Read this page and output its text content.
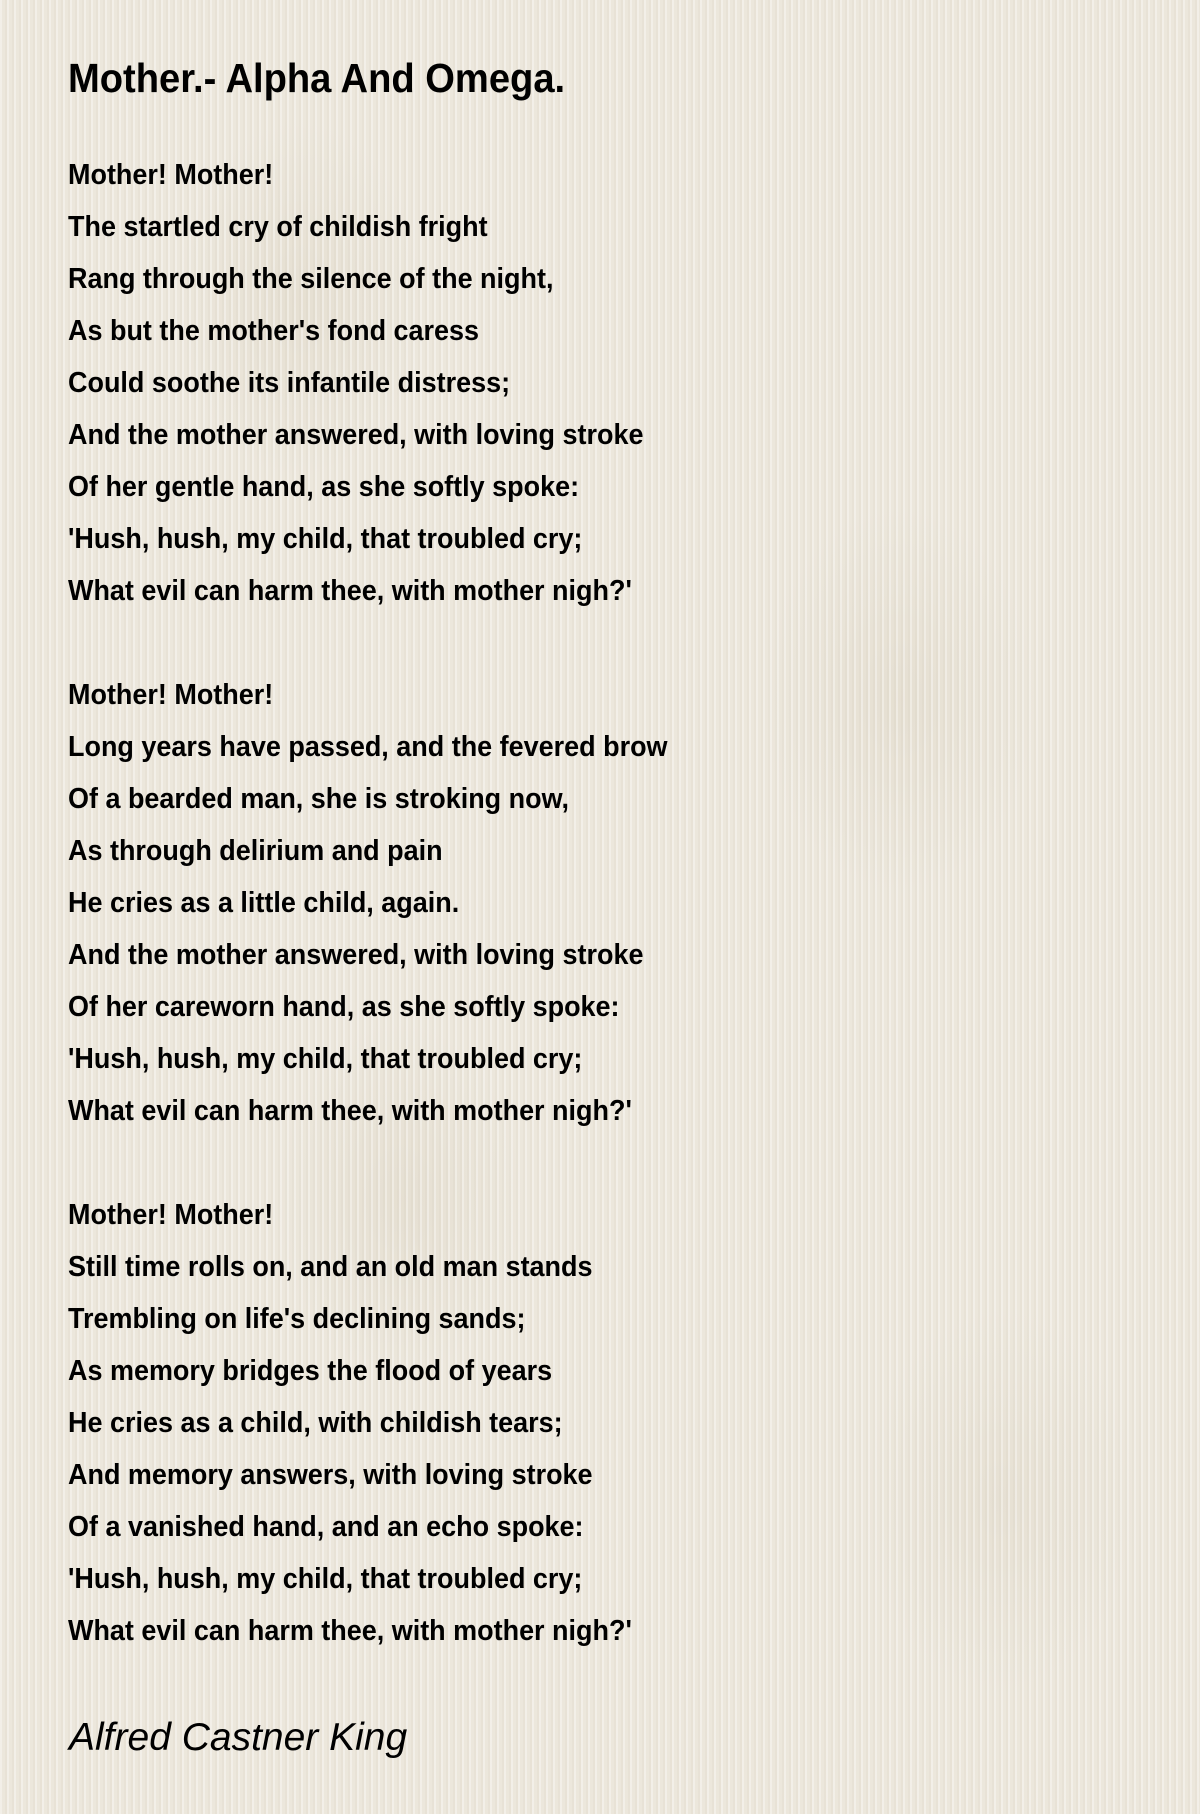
Mother.- Alpha And Omega.
Mother! Mother!
The startled cry of childish fright
Rang through the silence of the night,
As but the mother's fond caress
Could soothe its infantile distress;
And the mother answered, with loving stroke
Of her gentle hand, as she softly spoke:
'Hush, hush, my child, that troubled cry;
What evil can harm thee, with mother nigh?'
Mother! Mother!
Long years have passed, and the fevered brow
Of a bearded man, she is stroking now,
As through delirium and pain
He cries as a little child, again.
And the mother answered, with loving stroke
Of her careworn hand, as she softly spoke:
'Hush, hush, my child, that troubled cry;
What evil can harm thee, with mother nigh?'
Mother! Mother!
Still time rolls on, and an old man stands
Trembling on life's declining sands;
As memory bridges the flood of years
He cries as a child, with childish tears;
And memory answers, with loving stroke
Of a vanished hand, and an echo spoke:
'Hush, hush, my child, that troubled cry;
What evil can harm thee, with mother nigh?'
Alfred Castner King
